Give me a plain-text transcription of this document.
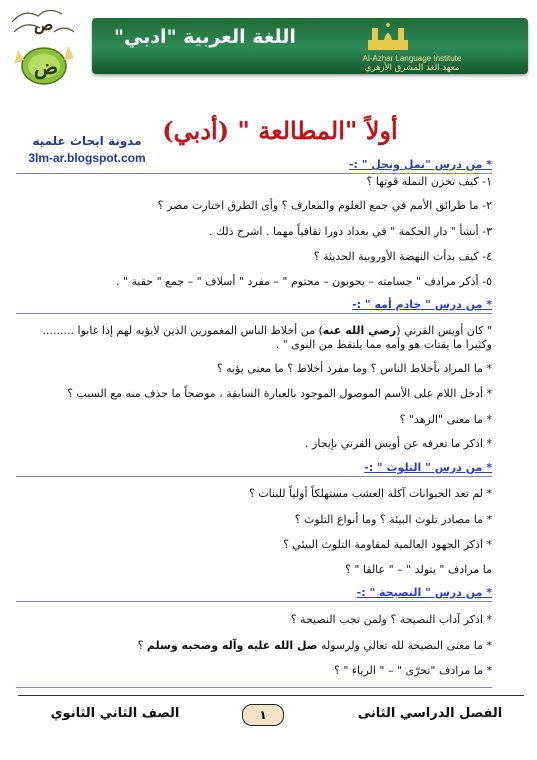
ص
ض
اللغة العربية "ادبي"
Al-Azhar Language Institute
معهد الغد المشرق الأزهري
مدونة ابحاث علميه
3lm-ar.blogspot.com
أولاً "المطالعة " (أدبي)
* من درس "نمل ونحل " :-
١- كيف تخزن النملة قوتها ؟
٢- ما طرائق الأمم في جمع العلوم والمعارف ؟ وأى الطرق اختارت مصر ؟
٣- أنشأ " دار الحكمة " في بغداد دورا ثقافياً مهما . اشرح ذلك .
٤- كيف بدأت النهضة الأوروبية الحديثة ؟
٥- أذكر مرادف " جسامته – يجوبون – محتوم " – مفرد " أسلاف " – جمع " حقبة " .
* من درس " خادم أمه " :-
" كان أويس القرني (رضي الله عنه) من أخلاط الناس المغمورين الذين لايؤبه لهم إذا غابوا .........
وكثيرا ما يقتات هو وأمه مما يلتقط من النوى " .
* ما المراد بأخلاط الناس ؟ وما مفرد أخلاط ؟ ما معنى يؤبه ؟
* أدخل اللام على الأسم الموصول الموجود بالعبارة السابقة ، موضحاً ما حذف منه مع السبب ؟
* ما معنى "الزهد" ؟
* اذكر ما تعرفه عن أويس القرني بإيجاز .
* من درس " التلوث " :-
* لم تعد الحيوانات آكلة العشب مستهلكاً أولياً للبنات ؟
* ما مصادر تلوث البيئة ؟ وما أنواع التلوث ؟
* اذكر الجهود العالمية لمقاومة التلوث البيئي ؟
ما مرادف " يتولد " – " عالقا " ؟
* من درس " النصيحة " :-
* اذكر آداب النصيحة ؟ ولمن تجب النصيحة ؟
* ما معنى النصيحة لله تعالي ولرسوله صل الله عليه وآله وصحبه وسلم ؟
* ما مرادف "تحرّى " – " الرياء " ؟
الفصل الدراسي الثانى
١
الصف الثاني الثانوي
